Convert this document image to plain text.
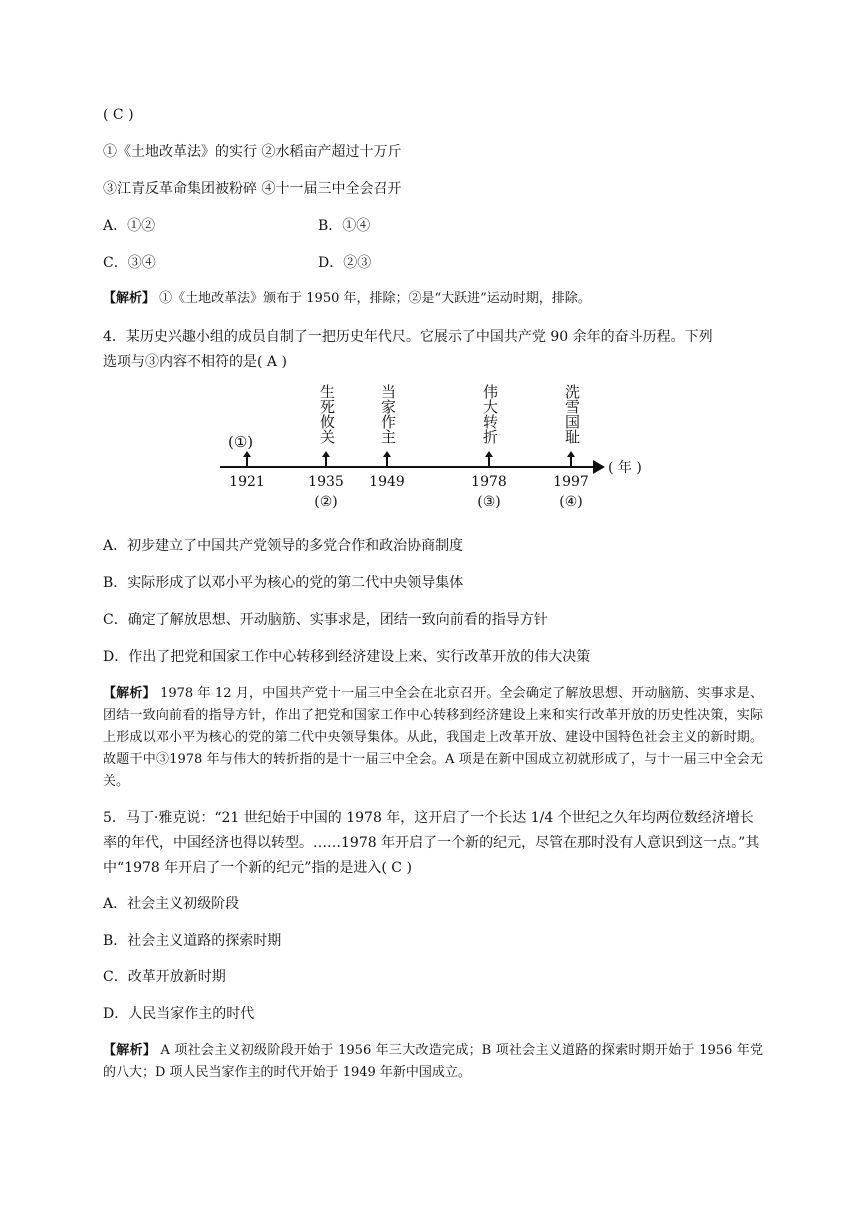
( C )
①《土地改革法》的实行 ②水稻亩产超过十万斤
③江青反革命集团被粉碎 ④十一届三中全会召开
A．①②	B．①④
C．③④	D．②③
【解析】 ①《土地改革法》颁布于 1950 年，排除；②是“大跃进”运动时期，排除。
4．某历史兴趣小组的成员自制了一把历史年代尺。它展示了中国共产党 90 余年的奋斗历程。下列
选项与③内容不相符的是( A )
(①)	生死攸关	当家作主	伟大转折	洗雪国耻
( 年 )
1921	1935	1949	1978	1997
(②)	(③)	(④)
A．初步建立了中国共产党领导的多党合作和政治协商制度
B．实际形成了以邓小平为核心的党的第二代中央领导集体
C．确定了解放思想、开动脑筋、实事求是，团结一致向前看的指导方针
D．作出了把党和国家工作中心转移到经济建设上来、实行改革开放的伟大决策
【解析】 1978 年 12 月，中国共产党十一届三中全会在北京召开。全会确定了解放思想、开动脑筋、实事求是、团结一致向前看的指导方针，作出了把党和国家工作中心转移到经济建设上来和实行改革开放的历史性决策，实际上形成以邓小平为核心的党的第二代中央领导集体。从此，我国走上改革开放、建设中国特色社会主义的新时期。故题干中③1978 年与伟大的转折指的是十一届三中全会。A 项是在新中国成立初就形成了，与十一届三中全会无关。
5．马丁·雅克说：“21 世纪始于中国的 1978 年，这开启了一个长达 1/4 个世纪之久年均两位数经济增长率的年代，中国经济也得以转型。……1978 年开启了一个新的纪元，尽管在那时没有人意识到这一点。”其中“1978 年开启了一个新的纪元”指的是进入( C )
A．社会主义初级阶段
B．社会主义道路的探索时期
C．改革开放新时期
D．人民当家作主的时代
【解析】 A 项社会主义初级阶段开始于 1956 年三大改造完成；B 项社会主义道路的探索时期开始于 1956 年党的八大；D 项人民当家作主的时代开始于 1949 年新中国成立。
